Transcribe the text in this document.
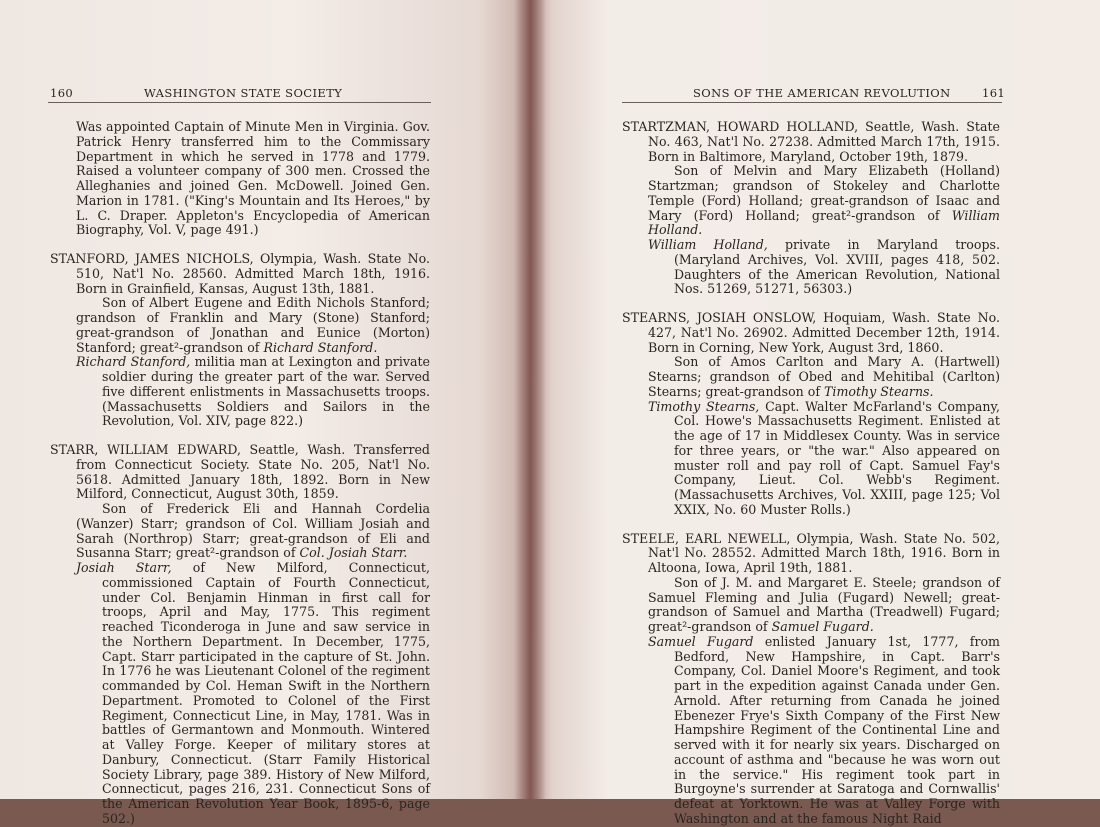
160	WASHINGTON STATE SOCIETY

Was appointed Captain of Minute Men in Virginia. Gov. Patrick Henry transferred him to the Commissary Department in which he served in 1778 and 1779. Raised a volunteer company of 300 men. Crossed the Alleghanies and joined Gen. McDowell. Joined Gen. Marion in 1781. ("King's Mountain and Its Heroes," by L. C. Draper. Appleton's Encyclopedia of American Biography, Vol. V, page 491.)

STANFORD, JAMES NICHOLS, Olympia, Wash. State No. 510, Nat'l No. 28560. Admitted March 18th, 1916. Born in Grainfield, Kansas, August 13th, 1881.

Son of Albert Eugene and Edith Nichols Stanford; grandson of Franklin and Mary (Stone) Stanford; great-grandson of Jonathan and Eunice (Morton) Stanford; great²-grandson of Richard Stanford.

Richard Stanford, militia man at Lexington and private soldier during the greater part of the war. Served five different enlistments in Massachusetts troops. (Massachusetts Soldiers and Sailors in the Revolution, Vol. XIV, page 822.)

STARR, WILLIAM EDWARD, Seattle, Wash. Transferred from Connecticut Society. State No. 205, Nat'l No. 5618. Admitted January 18th, 1892. Born in New Milford, Connecticut, August 30th, 1859.

Son of Frederick Eli and Hannah Cordelia (Wanzer) Starr; grandson of Col. William Josiah and Sarah (Northrop) Starr; great-grandson of Eli and Susanna Starr; great²-grandson of Col. Josiah Starr.

Josiah Starr, of New Milford, Connecticut, commissioned Captain of Fourth Connecticut, under Col. Benjamin Hinman in first call for troops, April and May, 1775. This regiment reached Ticonderoga in June and saw service in the Northern Department. In December, 1775, Capt. Starr participated in the capture of St. John. In 1776 he was Lieutenant Colonel of the regiment commanded by Col. Heman Swift in the Northern Department. Promoted to Colonel of the First Regiment, Connecticut Line, in May, 1781. Was in battles of Germantown and Monmouth. Wintered at Valley Forge. Keeper of military stores at Danbury, Connecticut. (Starr Family Historical Society Library, page 389. History of New Milford, Connecticut, pages 216, 231. Connecticut Sons of the American Revolution Year Book, 1895-6, page 502.)

SONS OF THE AMERICAN REVOLUTION	161

STARTZMAN, HOWARD HOLLAND, Seattle, Wash. State No. 463, Nat'l No. 27238. Admitted March 17th, 1915. Born in Baltimore, Maryland, October 19th, 1879.

Son of Melvin and Mary Elizabeth (Holland) Startzman; grandson of Stokeley and Charlotte Temple (Ford) Holland; great-grandson of Isaac and Mary (Ford) Holland; great²-grandson of William Holland.

William Holland, private in Maryland troops. (Maryland Archives, Vol. XVIII, pages 418, 502. Daughters of the American Revolution, National Nos. 51269, 51271, 56303.)

STEARNS, JOSIAH ONSLOW, Hoquiam, Wash. State No. 427, Nat'l No. 26902. Admitted December 12th, 1914. Born in Corning, New York, August 3rd, 1860.

Son of Amos Carlton and Mary A. (Hartwell) Stearns; grandson of Obed and Mehitibal (Carlton) Stearns; great-grandson of Timothy Stearns.

Timothy Stearns, Capt. Walter McFarland's Company, Col. Howe's Massachusetts Regiment. Enlisted at the age of 17 in Middlesex County. Was in service for three years, or "the war." Also appeared on muster roll and pay roll of Capt. Samuel Fay's Company, Lieut. Col. Webb's Regiment. (Massachusetts Archives, Vol. XXIII, page 125; Vol XXIX, No. 60 Muster Rolls.)

STEELE, EARL NEWELL, Olympia, Wash. State No. 502, Nat'l No. 28552. Admitted March 18th, 1916. Born in Altoona, Iowa, April 19th, 1881.

Son of J. M. and Margaret E. Steele; grandson of Samuel Fleming and Julia (Fugard) Newell; great-grandson of Samuel and Martha (Treadwell) Fugard; great²-grandson of Samuel Fugard.

Samuel Fugard enlisted January 1st, 1777, from Bedford, New Hampshire, in Capt. Barr's Company, Col. Daniel Moore's Regiment, and took part in the expedition against Canada under Gen. Arnold. After returning from Canada he joined Ebenezer Frye's Sixth Company of the First New Hampshire Regiment of the Continental Line and served with it for nearly six years. Discharged on account of asthma and "because he was worn out in the service." His regiment took part in Burgoyne's surrender at Saratoga and Cornwallis' defeat at Yorktown. He was at Valley Forge with Washington and at the famous Night Raid
